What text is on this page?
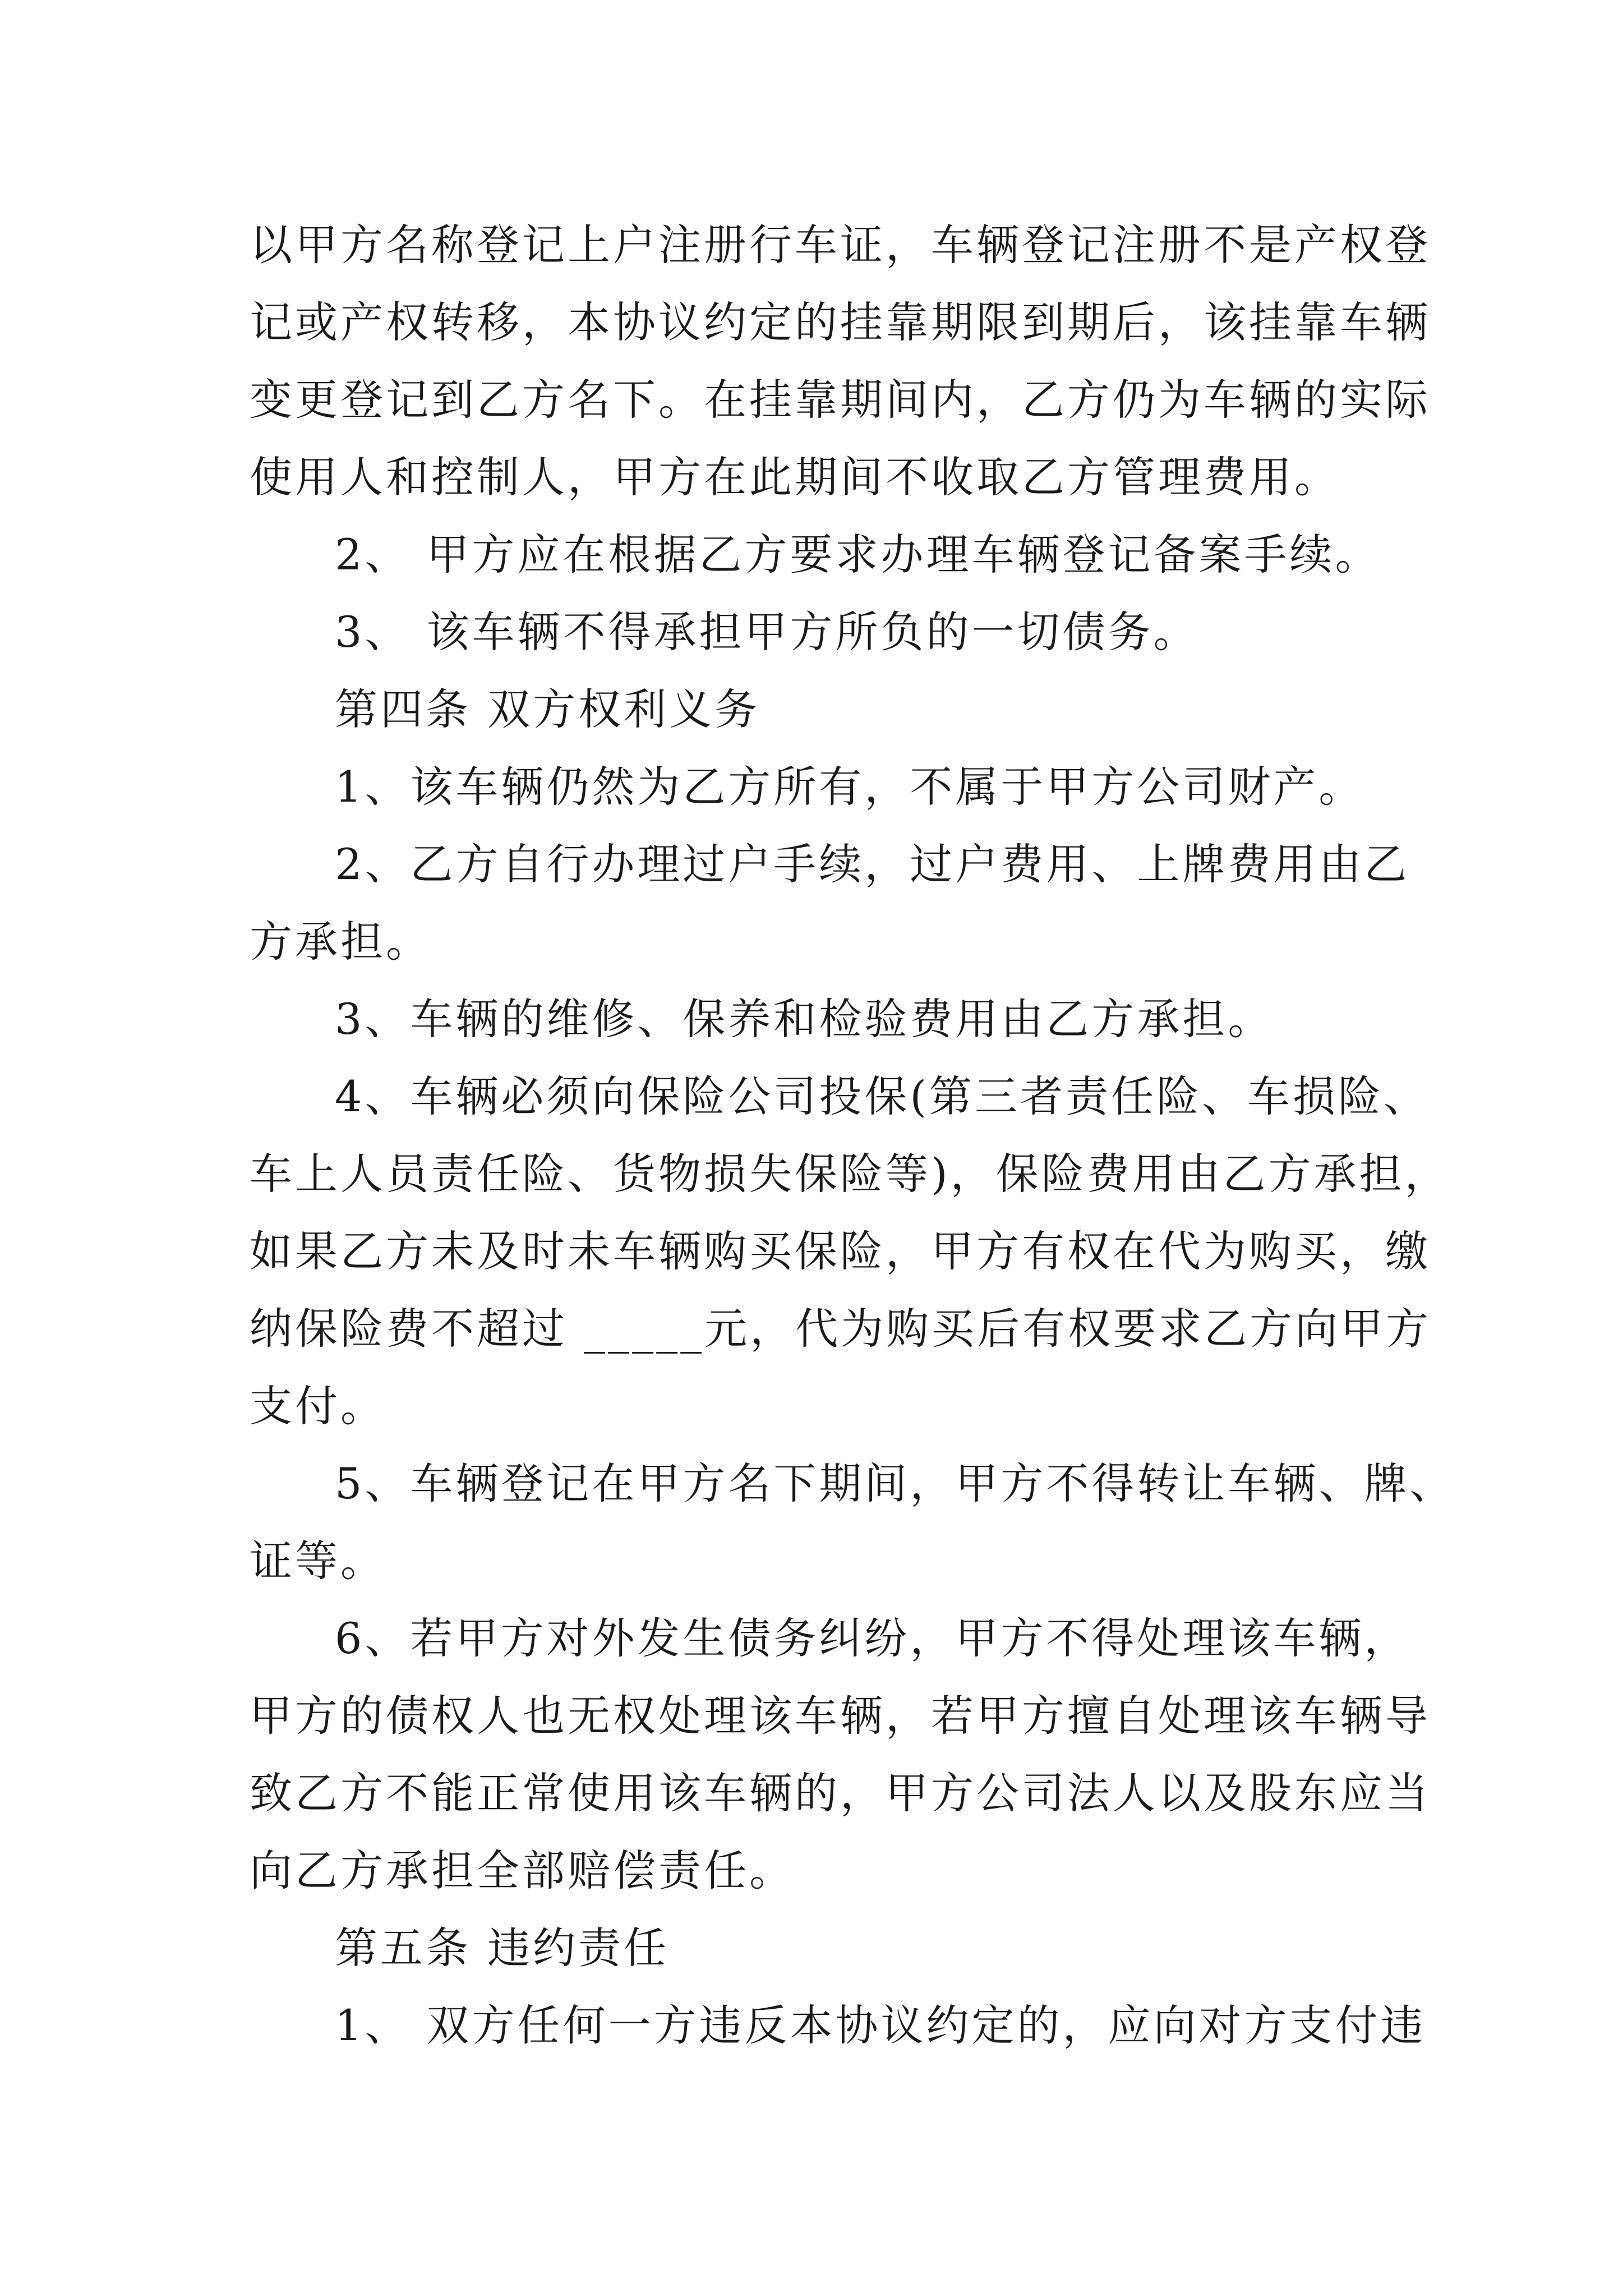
以甲方名称登记上户注册行车证，车辆登记注册不是产权登
记或产权转移，本协议约定的挂靠期限到期后，该挂靠车辆
变更登记到乙方名下。在挂靠期间内，乙方仍为车辆的实际
使用人和控制人，甲方在此期间不收取乙方管理费用。
2、 甲方应在根据乙方要求办理车辆登记备案手续。
3、 该车辆不得承担甲方所负的一切债务。
第四条 双方权利义务
1、该车辆仍然为乙方所有，不属于甲方公司财产。
2、乙方自行办理过户手续，过户费用、上牌费用由乙
方承担。
3、车辆的维修、保养和检验费用由乙方承担。
4、车辆必须向保险公司投保(第三者责任险、车损险、
车上人员责任险、货物损失保险等)，保险费用由乙方承担，
如果乙方未及时未车辆购买保险，甲方有权在代为购买，缴
纳保险费不超过 _____元，代为购买后有权要求乙方向甲方
支付。
5、车辆登记在甲方名下期间，甲方不得转让车辆、牌、
证等。
6、若甲方对外发生债务纠纷，甲方不得处理该车辆，
甲方的债权人也无权处理该车辆，若甲方擅自处理该车辆导
致乙方不能正常使用该车辆的，甲方公司法人以及股东应当
向乙方承担全部赔偿责任。
第五条 违约责任
1、 双方任何一方违反本协议约定的，应向对方支付违
